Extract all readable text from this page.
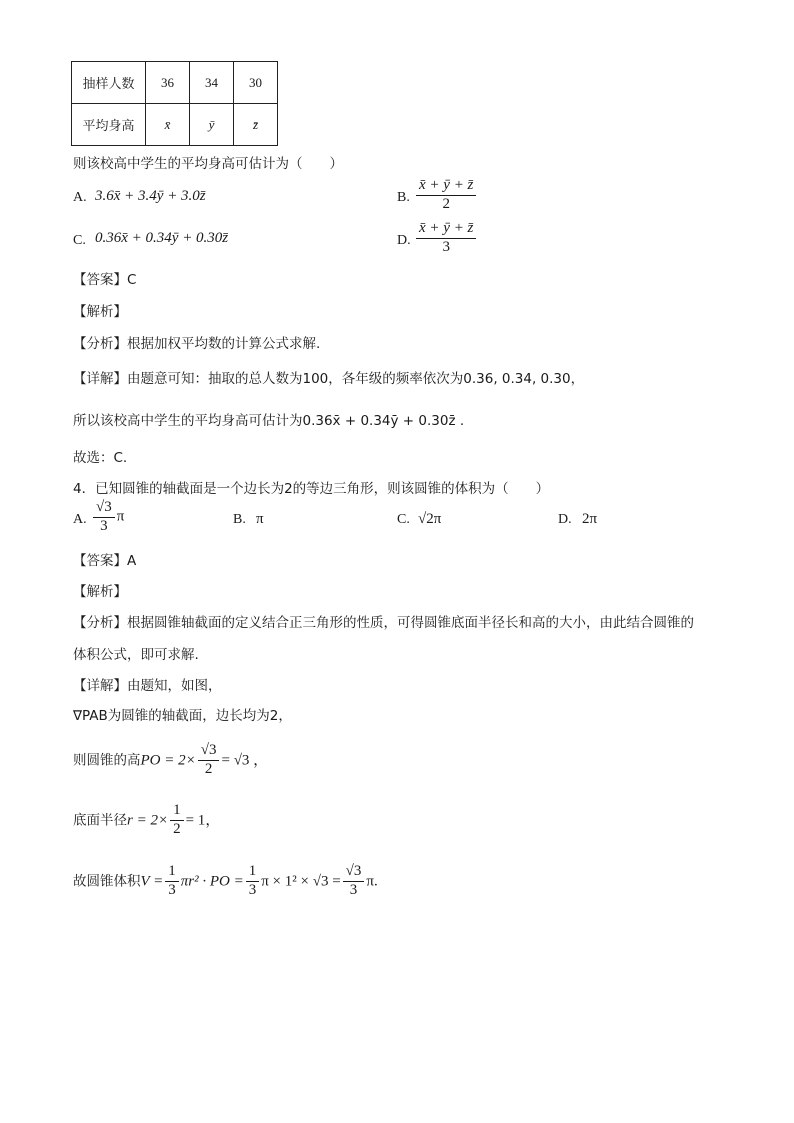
抽样人数	36	34	30
平均身高	x̄	ȳ	z̄
则该校高中学生的平均身高可估计为（　　）
A. 3.6x̄ + 3.4ȳ + 3.0z̄	B. $\frac{x̄ + ȳ + z̄}{2}$
C. 0.36x̄ + 0.34ȳ + 0.30z̄	D. $\frac{x̄ + ȳ + z̄}{3}$
【答案】C
【解析】
【分析】根据加权平均数的计算公式求解.
【详解】由题意可知：抽取的总人数为100，各年级的频率依次为0.36, 0.34, 0.30，
所以该校高中学生的平均身高可估计为0.36x̄ + 0.34ȳ + 0.30z̄ .
故选：C.
4．已知圆锥的轴截面是一个边长为2的等边三角形，则该圆锥的体积为（　　）
A. $\frac{√3}{3}$ π	B. π	C. √2π	D. 2π
【答案】A
【解析】
【分析】根据圆锥轴截面的定义结合正三角形的性质，可得圆锥底面半径长和高的大小，由此结合圆锥的
体积公式，即可求解.
【详解】由题知，如图，
∇PAB为圆锥的轴截面，边长均为2，
则圆锥的高PO = $2\times \frac{√3}{2} = √3$ ，
底面半径$r = 2\times \frac{1}{2} = 1$，
故圆锥体积$V = \frac{1}{3} \pi r^2$ · PO = $\frac{1}{3}$ $\pi \times 1^2 \times √3 = \frac{√3}{3} \pi$.
